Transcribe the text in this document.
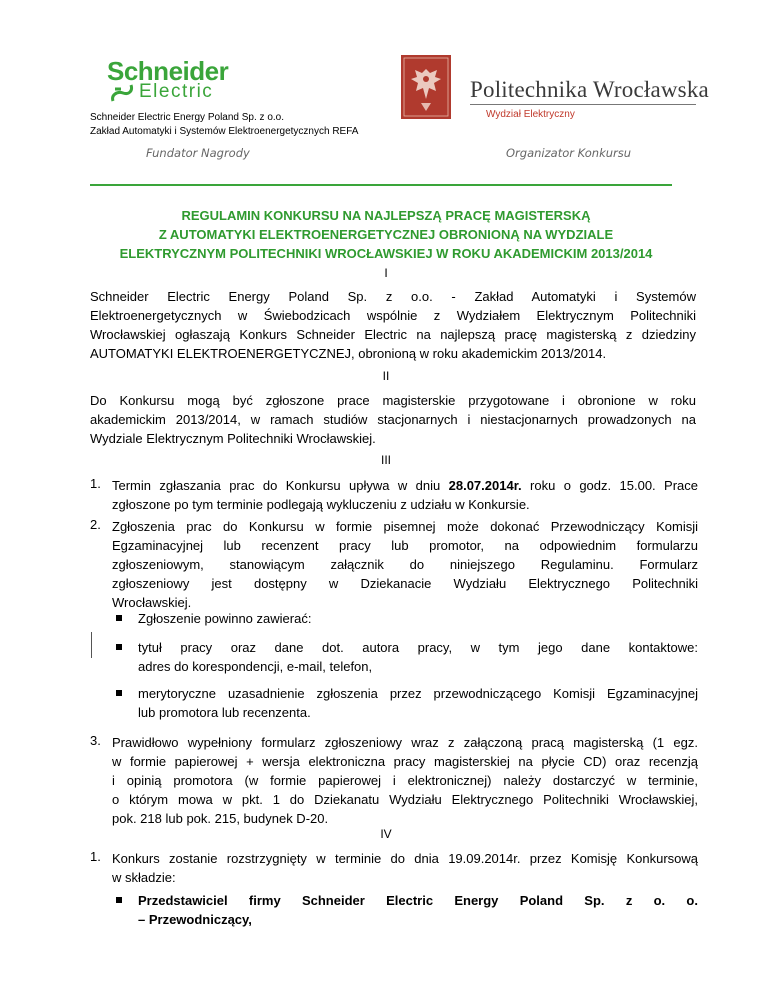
Schneider
Electric
Schneider Electric Energy Poland Sp. z o.o.
Zakład Automatyki i Systemów Elektroenergetycznych REFA
Politechnika Wrocławska
Wydział Elektryczny
Fundator Nagrody	Organizator Konkursu
REGULAMIN KONKURSU NA NAJLEPSZĄ PRACĘ MAGISTERSKĄ
Z AUTOMATYKI ELEKTROENERGETYCZNEJ OBRONIONĄ NA WYDZIALE
ELEKTRYCZNYM POLITECHNIKI WROCŁAWSKIEJ W ROKU AKADEMICKIM 2013/2014
I
Schneider Electric Energy Poland Sp. z o.o. - Zakład Automatyki i Systemów
Elektroenergetycznych w Świebodzicach wspólnie z Wydziałem Elektrycznym Politechniki
Wrocławskiej ogłaszają Konkurs Schneider Electric na najlepszą pracę magisterską z dziedziny
AUTOMATYKI ELEKTROENERGETYCZNEJ, obronioną w roku akademickim 2013/2014.
II
Do Konkursu mogą być zgłoszone prace magisterskie przygotowane i obronione w roku
akademickim 2013/2014, w ramach studiów stacjonarnych i niestacjonarnych prowadzonych na
Wydziale Elektrycznym Politechniki Wrocławskiej.
III
1. Termin zgłaszania prac do Konkursu upływa w dniu 28.07.2014r. roku o godz. 15.00. Prace
zgłoszone po tym terminie podlegają wykluczeniu z udziału w Konkursie.
2. Zgłoszenia prac do Konkursu w formie pisemnej może dokonać Przewodniczący Komisji
Egzaminacyjnej lub recenzent pracy lub promotor, na odpowiednim formularzu
zgłoszeniowym, stanowiącym załącznik do niniejszego Regulaminu. Formularz
zgłoszeniowy jest dostępny w Dziekanacie Wydziału Elektrycznego Politechniki
Wrocławskiej.
Zgłoszenie powinno zawierać:
tytuł pracy oraz dane dot. autora pracy, w tym jego dane kontaktowe:
adres do korespondencji, e-mail, telefon,
merytoryczne uzasadnienie zgłoszenia przez przewodniczącego Komisji Egzaminacyjnej
lub promotora lub recenzenta.
3. Prawidłowo wypełniony formularz zgłoszeniowy wraz z załączoną pracą magisterską (1 egz.
w formie papierowej + wersja elektroniczna pracy magisterskiej na płycie CD) oraz recenzją
i opinią promotora (w formie papierowej i elektronicznej) należy dostarczyć w terminie,
o którym mowa w pkt. 1 do Dziekanatu Wydziału Elektrycznego Politechniki Wrocławskiej,
pok. 218 lub pok. 215, budynek D-20.
IV
1. Konkurs zostanie rozstrzygnięty w terminie do dnia 19.09.2014r. przez Komisję Konkursową
w składzie:
Przedstawiciel firmy Schneider Electric Energy Poland Sp. z o. o.
– Przewodniczący,
